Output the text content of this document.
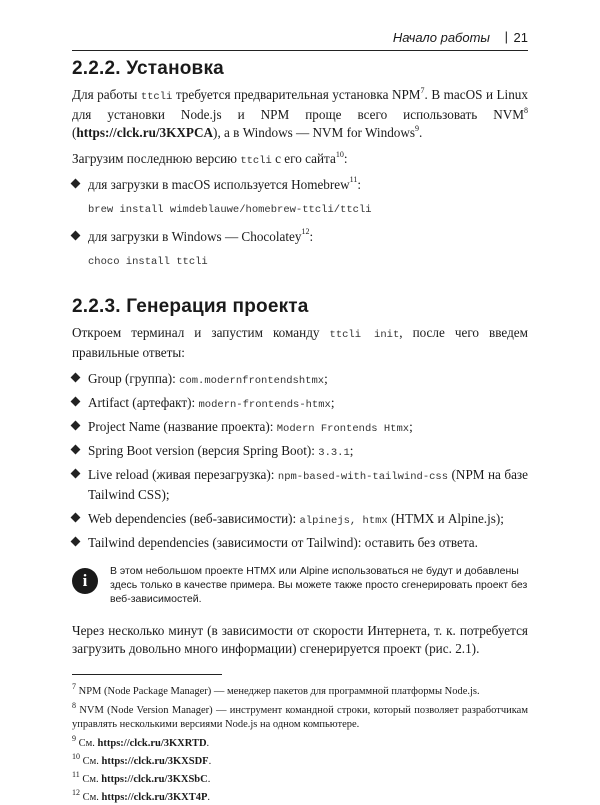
Начало работы | 21
2.2.2. Установка

Для работы ttcli требуется предварительная установка NPM$^7$. В macOS и Linux для установки Node.js и NPM проще всего использовать NVM$^8$ (https://clck.ru/3KXPCA), а в Windows — NVM for Windows$^9$.

Загрузим последнюю версию ttcli с его сайта$^{10}$:

для загрузки в macOS используется Homebrew$^{11}$:
brew install wimdeblauwe/homebrew-ttcli/ttcli
для загрузки в Windows — Chocolatey$^{12}$:
choco install ttcli
2.2.3. Генерация проекта

Откроем терминал и запустим команду ttcli init, после чего введем правильные ответы:

Group (группа): com.modernfrontendshtmx;
Artifact (артефакт): modern-frontends-htmx;
Project Name (название проекта): Modern Frontends Htmx;
Spring Boot version (версия Spring Boot): 3.3.1;
Live reload (живая перезагрузка): npm-based-with-tailwind-css (NPM на базе Tailwind CSS);
Web dependencies (веб-зависимости): alpinejs, htmx (HTMX и Alpine.js);
Tailwind dependencies (зависимости от Tailwind): оставить без ответа.
i	В этом небольшом проекте HTMX или Alpine использоваться не будут и добавлены здесь только в качестве примера. Вы можете также просто сгенерировать проект без веб-зависимостей.

Через несколько минут (в зависимости от скорости Интернета, т. к. потребуется загрузить довольно много информации) сгенерируется проект (рис. 2.1).

$^7$ NPM (Node Package Manager) — менеджер пакетов для программной платформы Node.js.

$^8$ NVM (Node Version Manager) — инструмент командной строки, который позволяет разработчикам управлять несколькими версиями Node.js на одном компьютере.

$^9$ См. https://clck.ru/3KXRTD.

$^{10}$ См. https://clck.ru/3KXSDF.

$^{11}$ См. https://clck.ru/3KXSbC.

$^{12}$ См. https://clck.ru/3KXT4P.
